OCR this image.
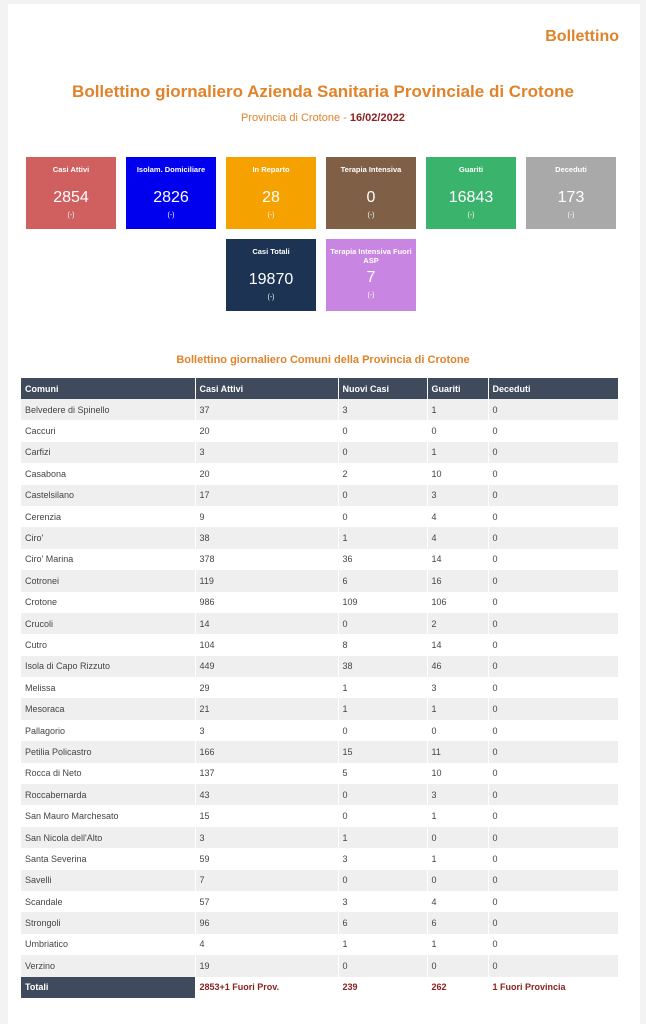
Bollettino
Bollettino giornaliero Azienda Sanitaria Provinciale di Crotone
Provincia di Crotone - 16/02/2022
Casi Attivi
2854
(-)
Isolam. Domiciliare
2826
(-)
In Reparto
28
(-)
Terapia Intensiva
0
(-)
Guariti
16843
(-)
Deceduti
173
(-)
Casi Totali
19870
(-)
Terapia Intensiva Fuori ASP
7
(-)
Bollettino giornaliero Comuni della Provincia di Crotone
Comuni	Casi Attivi	Nuovi Casi	Guariti	Deceduti
Belvedere di Spinello	37	3	1	0
Caccuri	20	0	0	0
Carfizi	3	0	1	0
Casabona	20	2	10	0
Castelsilano	17	0	3	0
Cerenzia	9	0	4	0
Ciro'	38	1	4	0
Ciro' Marina	378	36	14	0
Cotronei	119	6	16	0
Crotone	986	109	106	0
Crucoli	14	0	2	0
Cutro	104	8	14	0
Isola di Capo Rizzuto	449	38	46	0
Melissa	29	1	3	0
Mesoraca	21	1	1	0
Pallagorio	3	0	0	0
Petilia Policastro	166	15	11	0
Rocca di Neto	137	5	10	0
Roccabernarda	43	0	3	0
San Mauro Marchesato	15	0	1	0
San Nicola dell'Alto	3	1	0	0
Santa Severina	59	3	1	0
Savelli	7	0	0	0
Scandale	57	3	4	0
Strongoli	96	6	6	0
Umbriatico	4	1	1	0
Verzino	19	0	0	0
Totali	2853+1 Fuori Prov.	239	262	1 Fuori Provincia
